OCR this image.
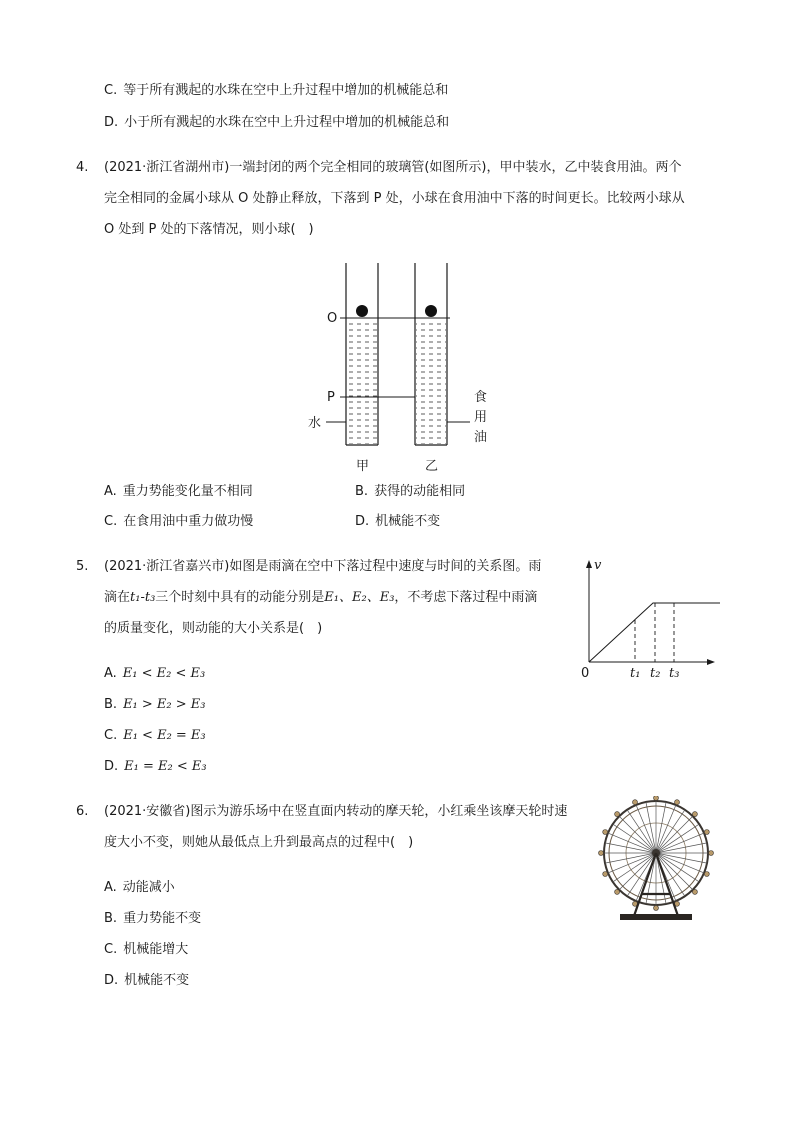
C. 等于所有溅起的水珠在空中上升过程中增加的机械能总和
D. 小于所有溅起的水珠在空中上升过程中增加的机械能总和
4. (2021·浙江省湖州市)一端封闭的两个完全相同的玻璃管(如图所示)，甲中装水，乙中装食用油。两个
完全相同的金属小球从 O 处静止释放，下落到 P 处，小球在食用油中下落的时间更长。比较两小球从
O 处到 P 处的下落情况，则小球(　)
O
P
水
食
用
油
甲	乙
A. 重力势能变化量不相同	B. 获得的动能相同
C. 在食用油中重力做功慢	D. 机械能不变
5. (2021·浙江省嘉兴市)如图是雨滴在空中下落过程中速度与时间的关系图。雨
滴在t₁-t₃三个时刻中具有的动能分别是E₁、E₂、E₃，不考虑下落过程中雨滴
的质量变化，则动能的大小关系是(　)
v
0	t₁ t₂ t₃
A. E₁ < E₂ < E₃
B. E₁ > E₂ > E₃
C. E₁ < E₂ = E₃
D. E₁ = E₂ < E₃
6. (2021·安徽省)图示为游乐场中在竖直面内转动的摩天轮，小红乘坐该摩天轮时速
度大小不变，则她从最低点上升到最高点的过程中(　)
A. 动能减小
B. 重力势能不变
C. 机械能增大
D. 机械能不变
